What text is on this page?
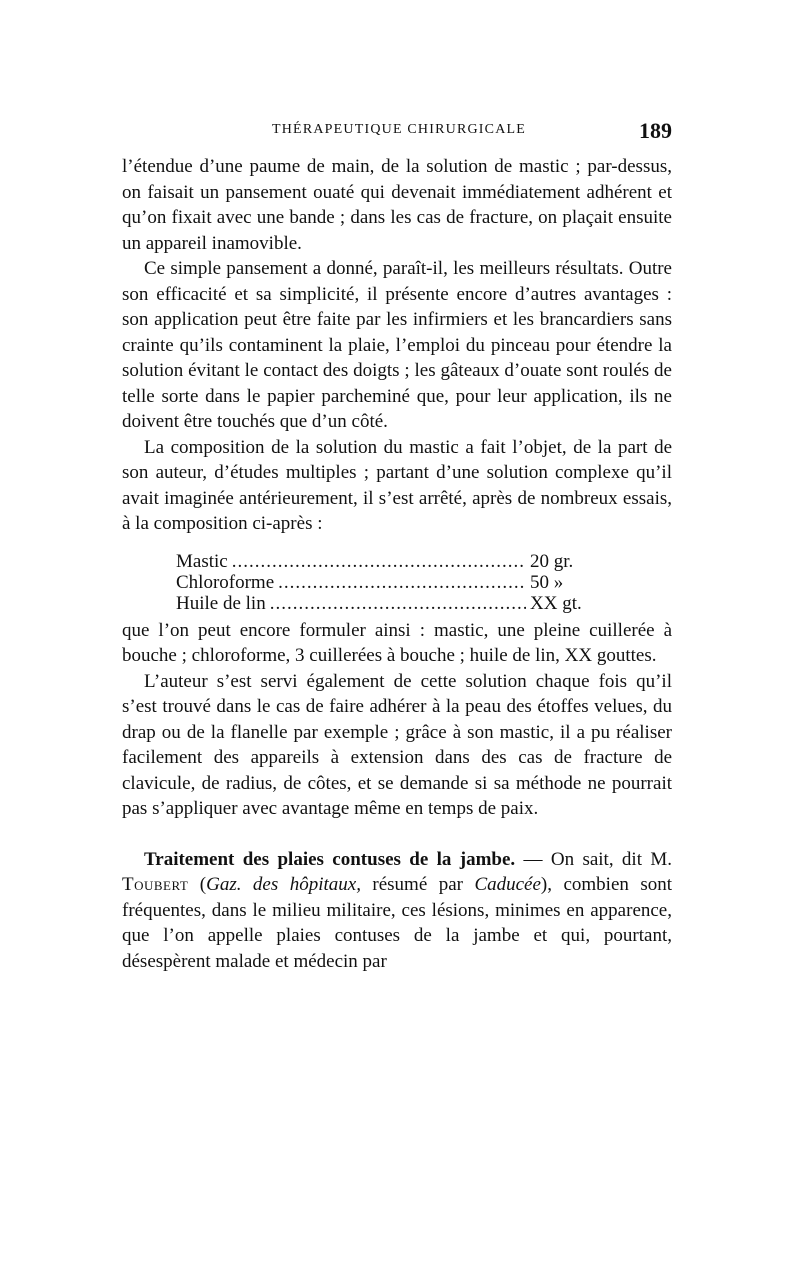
THÉRAPEUTIQUE CHIRURGICALE	189

l’étendue d’une paume de main, de la solution de mastic ; par-dessus, on faisait un pansement ouaté qui devenait immédiatement adhérent et qu’on fixait avec une bande ; dans les cas de fracture, on plaçait ensuite un appareil inamovible.

Ce simple pansement a donné, paraît-il, les meilleurs résultats. Outre son efficacité et sa simplicité, il présente encore d’autres avantages : son application peut être faite par les infirmiers et les brancardiers sans crainte qu’ils contaminent la plaie, l’emploi du pinceau pour étendre la solution évitant le contact des doigts ; les gâteaux d’ouate sont roulés de telle sorte dans le papier parcheminé que, pour leur application, ils ne doivent être touchés que d’un côté.

La composition de la solution du mastic a fait l’objet, de la part de son auteur, d’études multiples ; partant d’une solution complexe qu’il avait imaginée antérieurement, il s’est arrêté, après de nombreux essais, à la composition ci-après :

Mastic .....	20 gr.
Chloroforme .....	50 »
Huile de lin .....	XX gt.

que l’on peut encore formuler ainsi : mastic, une pleine cuillerée à bouche ; chloroforme, 3 cuillerées à bouche ; huile de lin, XX gouttes.

L’auteur s’est servi également de cette solution chaque fois qu’il s’est trouvé dans le cas de faire adhérer à la peau des étoffes velues, du drap ou de la flanelle par exemple ; grâce à son mastic, il a pu réaliser facilement des appareils à extension dans des cas de fracture de clavicule, de radius, de côtes, et se demande si sa méthode ne pourrait pas s’appliquer avec avantage même en temps de paix.

Traitement des plaies contuses de la jambe. — On sait, dit M. Toubert (Gaz. des hôpitaux, résumé par Caducée), combien sont fréquentes, dans le milieu militaire, ces lésions, minimes en apparence, que l’on appelle plaies contuses de la jambe et qui, pourtant, désespèrent malade et médecin par
